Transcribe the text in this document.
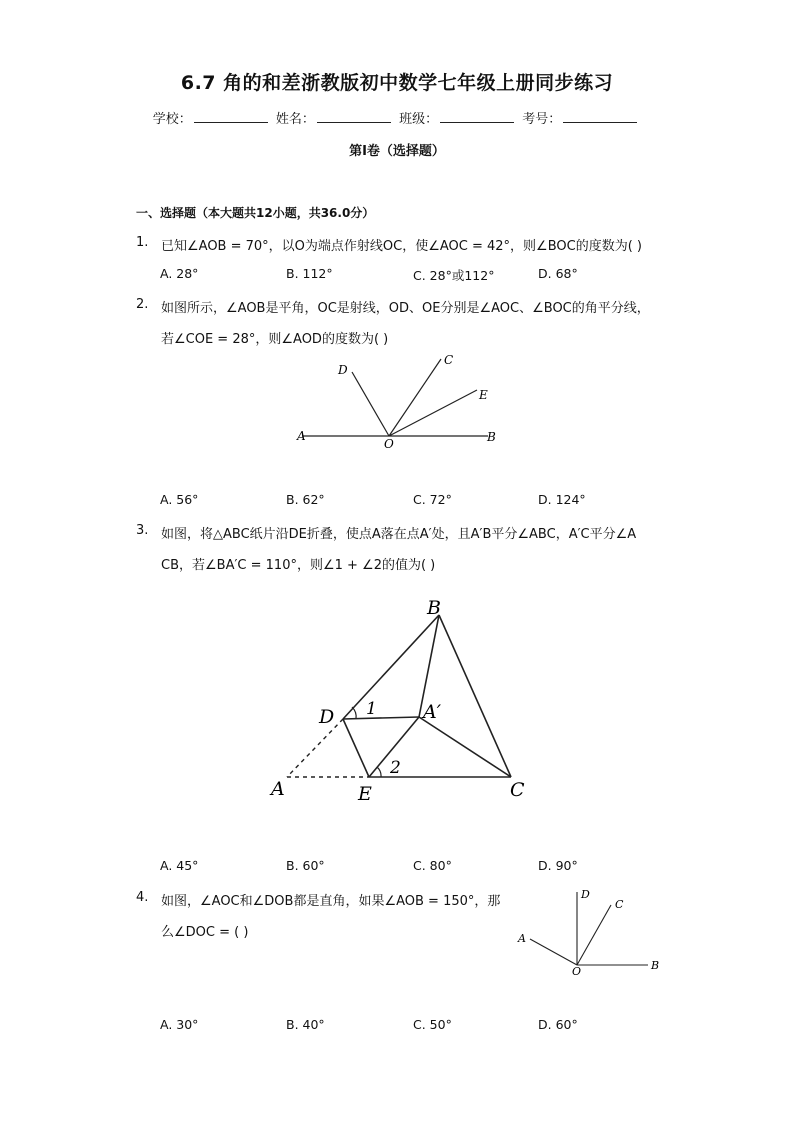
6.7 角的和差浙教版初中数学七年级上册同步练习
学校：	姓名：	班级：	考号：
第I卷（选择题）
一、选择题（本大题共12小题，共36.0分）
1. 已知∠AOB = 70°，以O为端点作射线OC，使∠AOC = 42°，则∠BOC的度数为( )
A. 28°	B. 112°	C. 28°或112°	D. 68°
2. 如图所示，∠AOB是平角，OC是射线，OD、OE分别是∠AOC、∠BOC的角平分线，
若∠COE = 28°，则∠AOD的度数为( )
D
C
E
A
O	B
A. 56°	B. 62°	C. 72°	D. 124°
3. 如图，将△ABC纸片沿DE折叠，使点A落在点A′处，且A′B平分∠ABC，A′C平分∠A
CB，若∠BA′C = 110°，则∠1 + ∠2的值为( )
B
D 1 A′
2
A	E	C
A. 45°	B. 60°	C. 80°	D. 90°
4. 如图，∠AOC和∠DOB都是直角，如果∠AOB = 150°，那
么∠DOC = ( )
D
C
A
O	B
A. 30°	B. 40°	C. 50°	D. 60°
